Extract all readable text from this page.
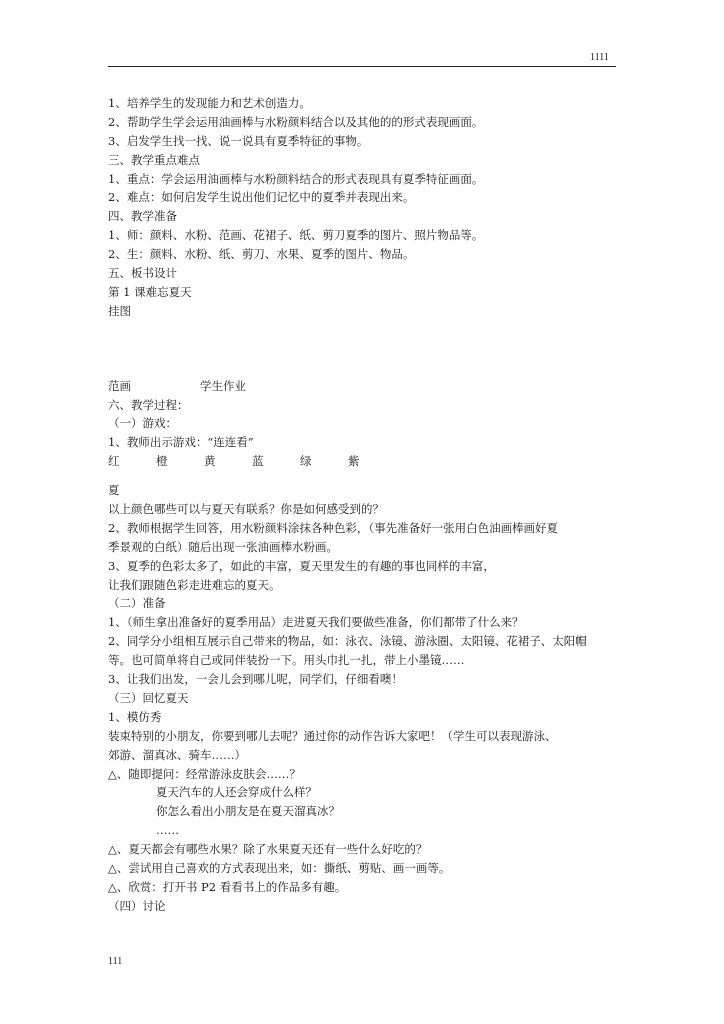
1111
1、培养学生的发现能力和艺术创造力。
2、帮助学生学会运用油画棒与水粉颜料结合以及其他的的形式表现画面。
3、启发学生找一找、说一说具有夏季特征的事物。
三、教学重点难点
1、重点：学会运用油画棒与水粉颜料结合的形式表现具有夏季特征画面。
2、难点：如何启发学生说出他们记忆中的夏季并表现出来。
四、教学准备
1、师：颜料、水粉、范画、花裙子、纸、剪刀夏季的图片、照片物品等。
2、生：颜料、水粉、纸、剪刀、水果、夏季的图片、物品。
五、板书设计
第 1 课难忘夏天
挂图
范画	学生作业
六、教学过程：
（一）游戏：
1、教师出示游戏：“连连看”
红	橙	黄	蓝	绿	紫
夏
以上颜色哪些可以与夏天有联系？你是如何感受到的？
2、教师根据学生回答，用水粉颜料涂抹各种色彩，（事先准备好一张用白色油画棒画好夏
季景观的白纸）随后出现一张油画棒水粉画。
3、夏季的色彩太多了，如此的丰富，夏天里发生的有趣的事也同样的丰富，
让我们跟随色彩走进难忘的夏天。
（二）准备
1、（师生拿出准备好的夏季用品）走进夏天我们要做些准备，你们都带了什么来？
2、同学分小组相互展示自己带来的物品，如：泳衣、泳镜、游泳圈、太阳镜、花裙子、太阳帽
等。也可简单将自己或同伴装扮一下。用头巾扎一扎，带上小墨镜……
3、让我们出发，一会儿会到哪儿呢，同学们，仔细看噢！
（三）回忆夏天
1、模仿秀
装束特别的小朋友，你要到哪儿去呢？通过你的动作告诉大家吧！（学生可以表现游泳、
郊游、溜真冰、骑车……）
△、随即提问：经常游泳皮肤会……？
夏天汽车的人还会穿成什么样？
你怎么看出小朋友是在夏天溜真冰？
……
△、夏天都会有哪些水果？除了水果夏天还有一些什么好吃的？
△、尝试用自己喜欢的方式表现出来，如：撕纸、剪贴、画一画等。
△、欣赏：打开书 P2 看看书上的作品多有趣。
（四）讨论
111
